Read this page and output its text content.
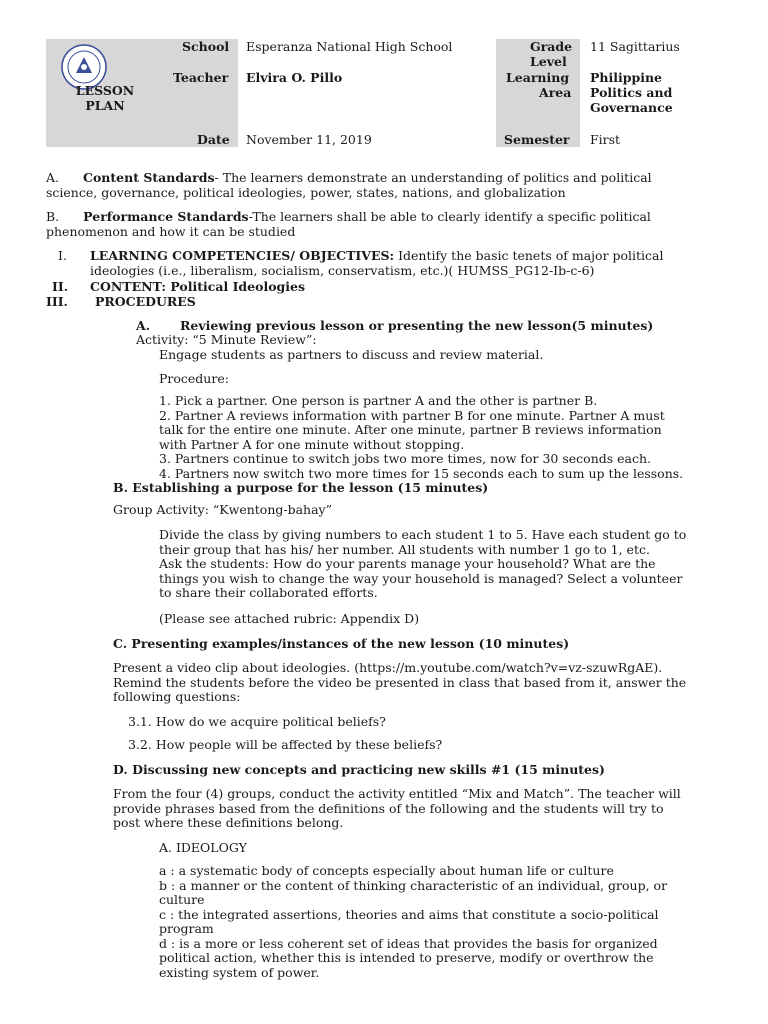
LESSON
PLAN
School Esperanza National High School
Teacher Elvira O. Pillo
Date November 11, 2019
Grade
Level
11 Sagittarius
Learning
Area
Philippine
Politics and
Governance
Semester First
A. Content Standards- The learners demonstrate an understanding of politics and political
science, governance, political ideologies, power, states, nations, and globalization
B. Performance Standards-The learners shall be able to clearly identify a specific political
phenomenon and how it can be studied
I. LEARNING COMPETENCIES/ OBJECTIVES: Identify the basic tenets of major political
ideologies (i.e., liberalism, socialism, conservatism, etc.)( HUMSS_PG12-Ib-c-6)
II. CONTENT: Political Ideologies
III. PROCEDURES
A. Reviewing previous lesson or presenting the new lesson(5 minutes)
Activity: “5 Minute Review”:
Engage students as partners to discuss and review material.
Procedure:
1. Pick a partner. One person is partner A and the other is partner B.
2. Partner A reviews information with partner B for one minute. Partner A must
talk for the entire one minute. After one minute, partner B reviews information
with Partner A for one minute without stopping.
3. Partners continue to switch jobs two more times, now for 30 seconds each.
4. Partners now switch two more times for 15 seconds each to sum up the lessons.
B. Establishing a purpose for the lesson (15 minutes)
Group Activity: “Kwentong-bahay”
Divide the class by giving numbers to each student 1 to 5. Have each student go to
their group that has his/ her number. All students with number 1 go to 1, etc.
Ask the students: How do your parents manage your household? What are the
things you wish to change the way your household is managed? Select a volunteer
to share their collaborated efforts.
(Please see attached rubric: Appendix D)
C. Presenting examples/instances of the new lesson (10 minutes)
Present a video clip about ideologies. (https://m.youtube.com/watch?v=vz-szuwRgAE).
Remind the students before the video be presented in class that based from it, answer the
following questions:
3.1. How do we acquire political beliefs?
3.2. How people will be affected by these beliefs?
D. Discussing new concepts and practicing new skills #1 (15 minutes)
From the four (4) groups, conduct the activity entitled “Mix and Match”. The teacher will
provide phrases based from the definitions of the following and the students will try to
post where these definitions belong.
A. IDEOLOGY
a : a systematic body of concepts especially about human life or culture
b : a manner or the content of thinking characteristic of an individual, group, or
culture
c : the integrated assertions, theories and aims that constitute a socio-political
program
d : is a more or less coherent set of ideas that provides the basis for organized
political action, whether this is intended to preserve, modify or overthrow the
existing system of power.
